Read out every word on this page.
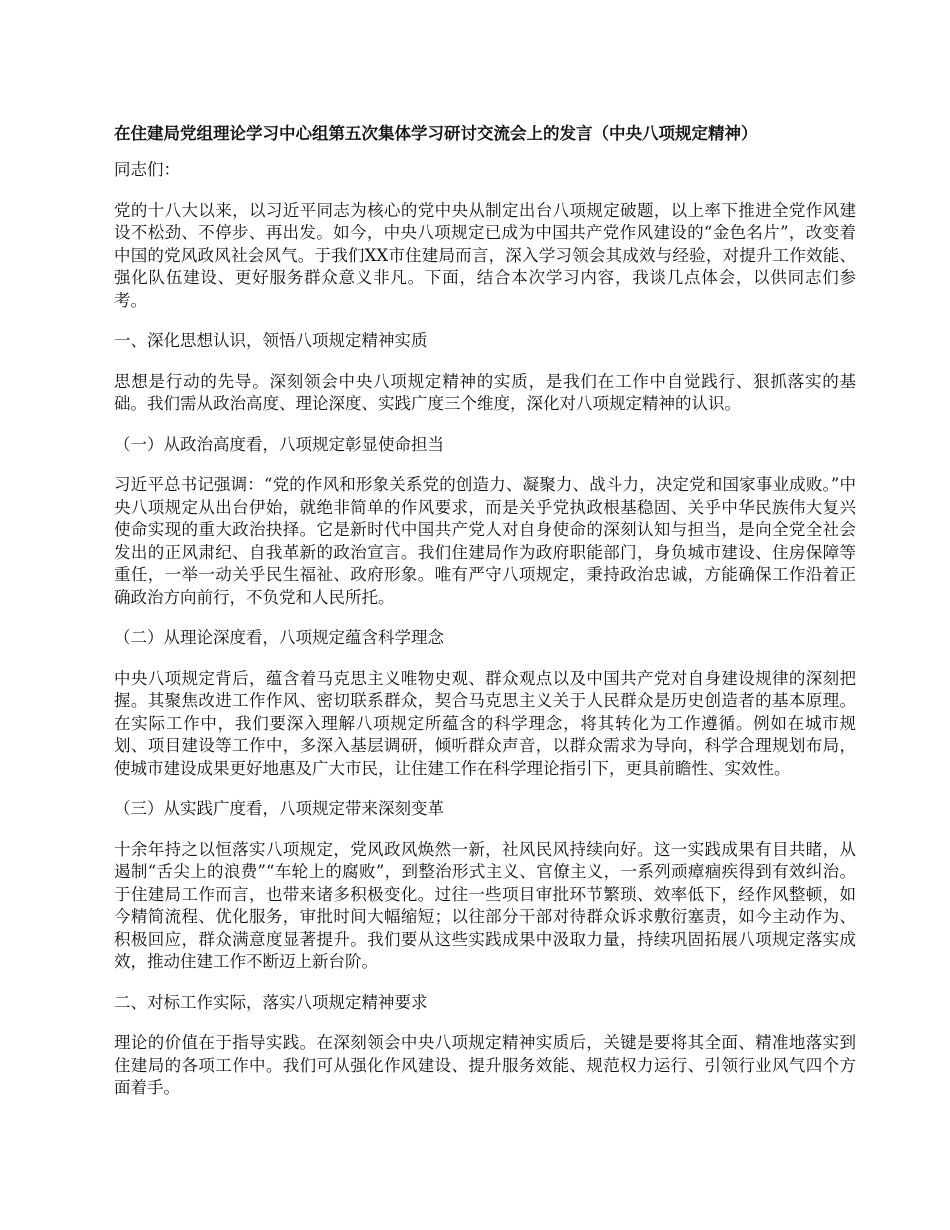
在住建局党组理论学习中心组第五次集体学习研讨交流会上的发言（中央八项规定精神）
同志们：
党的十八大以来，以习近平同志为核心的党中央从制定出台八项规定破题，以上率下推进全党作风建设不松劲、不停步、再出发。如今，中央八项规定已成为中国共产党作风建设的“金色名片”，改变着中国的党风政风社会风气。于我们XX市住建局而言，深入学习领会其成效与经验，对提升工作效能、强化队伍建设、更好服务群众意义非凡。下面，结合本次学习内容，我谈几点体会，以供同志们参考。
一、深化思想认识，领悟八项规定精神实质
思想是行动的先导。深刻领会中央八项规定精神的实质，是我们在工作中自觉践行、狠抓落实的基础。我们需从政治高度、理论深度、实践广度三个维度，深化对八项规定精神的认识。
（一）从政治高度看，八项规定彰显使命担当
习近平总书记强调：“党的作风和形象关系党的创造力、凝聚力、战斗力，决定党和国家事业成败。”中央八项规定从出台伊始，就绝非简单的作风要求，而是关乎党执政根基稳固、关乎中华民族伟大复兴使命实现的重大政治抉择。它是新时代中国共产党人对自身使命的深刻认知与担当，是向全党全社会发出的正风肃纪、自我革新的政治宣言。我们住建局作为政府职能部门，身负城市建设、住房保障等重任，一举一动关乎民生福祉、政府形象。唯有严守八项规定，秉持政治忠诚，方能确保工作沿着正确政治方向前行，不负党和人民所托。
（二）从理论深度看，八项规定蕴含科学理念
中央八项规定背后，蕴含着马克思主义唯物史观、群众观点以及中国共产党对自身建设规律的深刻把握。其聚焦改进工作作风、密切联系群众，契合马克思主义关于人民群众是历史创造者的基本原理。在实际工作中，我们要深入理解八项规定所蕴含的科学理念，将其转化为工作遵循。例如在城市规划、项目建设等工作中，多深入基层调研，倾听群众声音，以群众需求为导向，科学合理规划布局，使城市建设成果更好地惠及广大市民，让住建工作在科学理论指引下，更具前瞻性、实效性。
（三）从实践广度看，八项规定带来深刻变革
十余年持之以恒落实八项规定，党风政风焕然一新，社风民风持续向好。这一实践成果有目共睹，从遏制“舌尖上的浪费”“车轮上的腐败”，到整治形式主义、官僚主义，一系列顽瘴痼疾得到有效纠治。于住建局工作而言，也带来诸多积极变化。过往一些项目审批环节繁琐、效率低下，经作风整顿，如今精简流程、优化服务，审批时间大幅缩短；以往部分干部对待群众诉求敷衍塞责，如今主动作为、积极回应，群众满意度显著提升。我们要从这些实践成果中汲取力量，持续巩固拓展八项规定落实成效，推动住建工作不断迈上新台阶。
二、对标工作实际，落实八项规定精神要求
理论的价值在于指导实践。在深刻领会中央八项规定精神实质后，关键是要将其全面、精准地落实到住建局的各项工作中。我们可从强化作风建设、提升服务效能、规范权力运行、引领行业风气四个方面着手。
